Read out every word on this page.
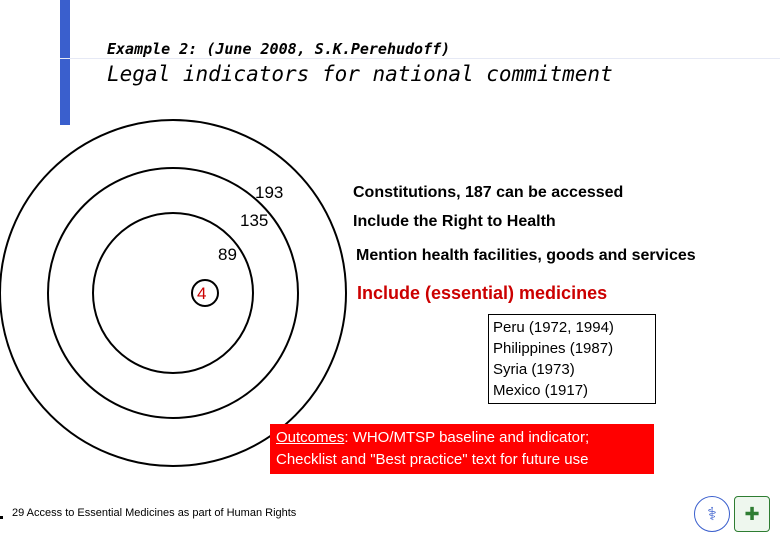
Example 2: (June 2008, S.K.Perehudoff)
Legal indicators for national commitment
193
135
89
4
Constitutions, 187 can be accessed
Include the Right to Health
Mention health facilities, goods and services
Include (essential) medicines
Peru (1972, 1994)
Philippines (1987)
Syria (1973)
Mexico (1917)
Outcomes: WHO/MTSP baseline and indicator;
Checklist and "Best practice" text for future use
29 Access to Essential Medicines as part of Human Rights	⚕	✚
